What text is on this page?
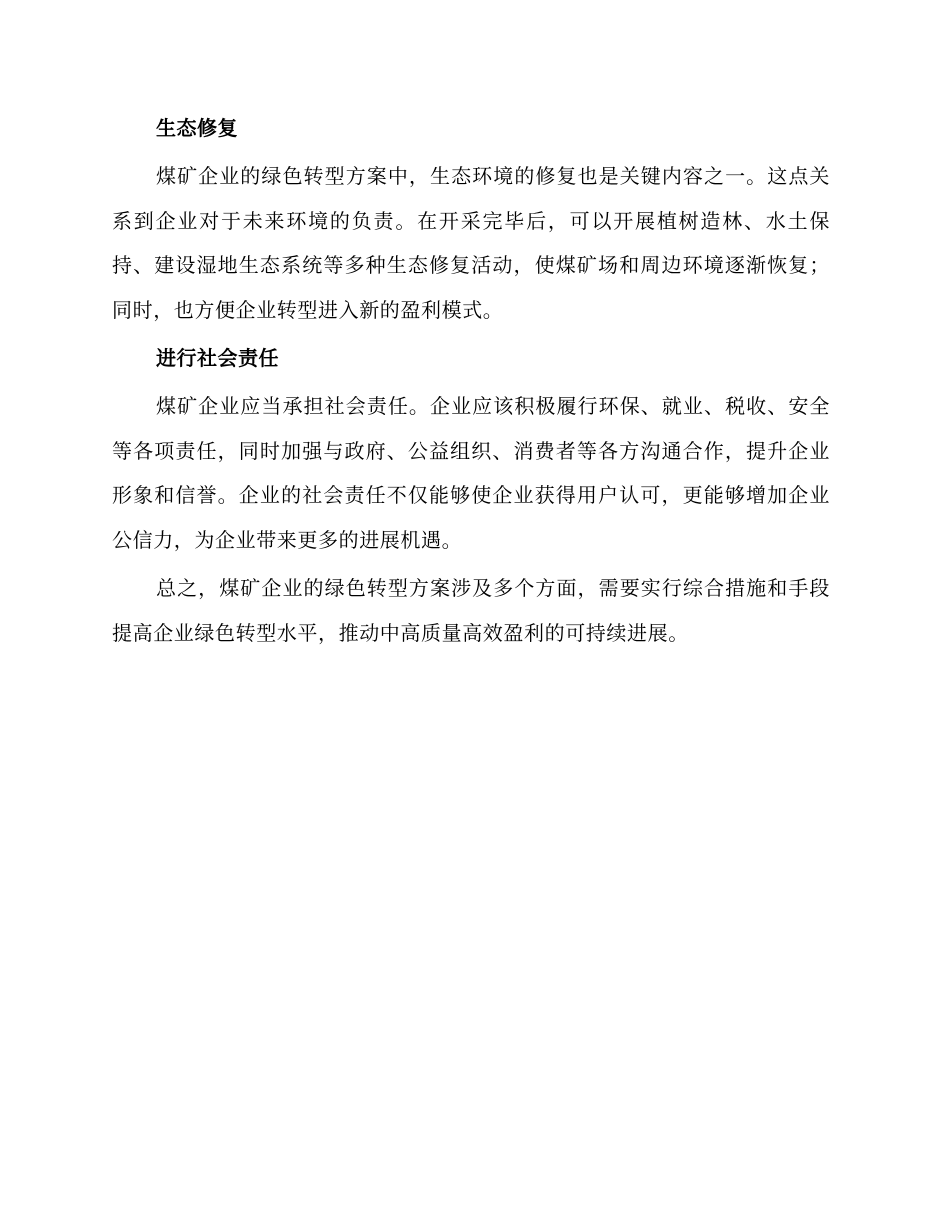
生态修复

煤矿企业的绿色转型方案中，生态环境的修复也是关键内容之一。这点关系到企业对于未来环境的负责。在开采完毕后，可以开展植树造林、水土保持、建设湿地生态系统等多种生态修复活动，使煤矿场和周边环境逐渐恢复；同时，也方便企业转型进入新的盈利模式。

进行社会责任

煤矿企业应当承担社会责任。企业应该积极履行环保、就业、税收、安全等各项责任，同时加强与政府、公益组织、消费者等各方沟通合作，提升企业形象和信誉。企业的社会责任不仅能够使企业获得用户认可，更能够增加企业公信力，为企业带来更多的进展机遇。

总之，煤矿企业的绿色转型方案涉及多个方面，需要实行综合措施和手段提高企业绿色转型水平，推动中高质量高效盈利的可持续进展。
